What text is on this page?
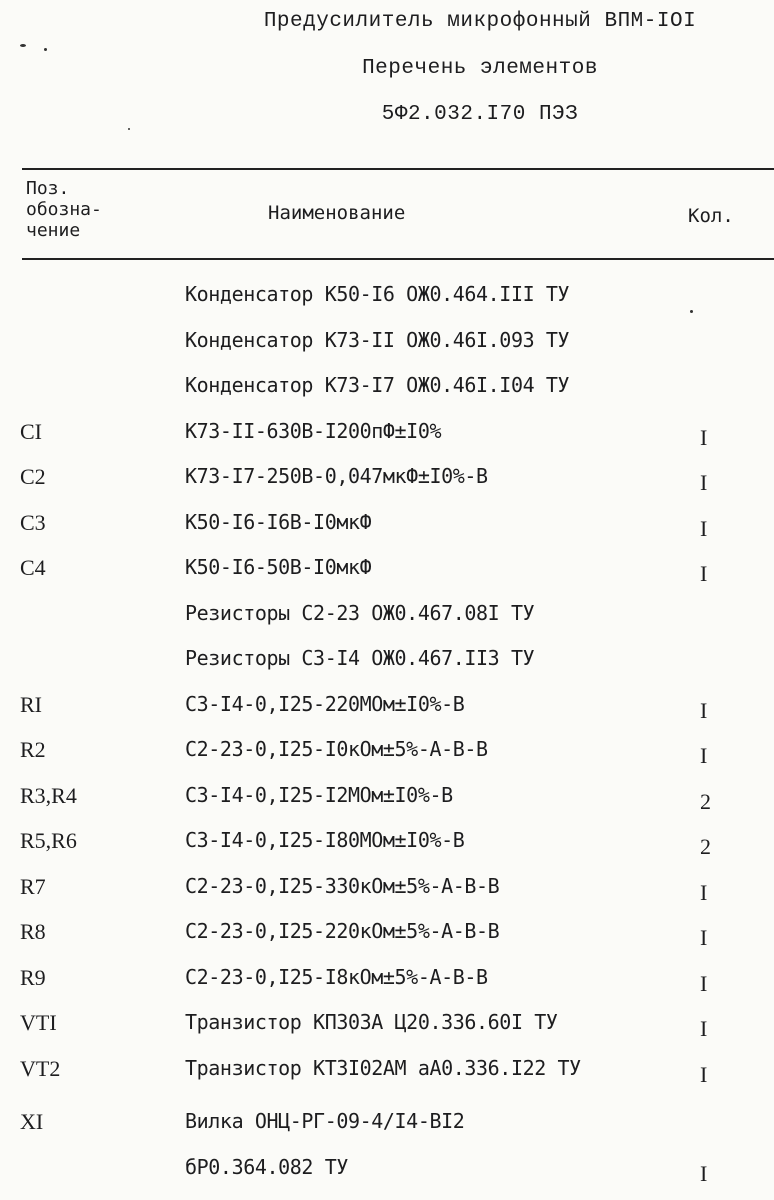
Предусилитель микрофонный ВПМ-IOI
Перечень элементов
5Ф2.032.I70 ПЭЗ
Поз.
обозна-
чение
Наименование	Кол.
Конденсатор К50-I6 ОЖ0.464.III ТУ
Конденсатор К73-II ОЖ0.46I.093 ТУ
Конденсатор К73-I7 ОЖ0.46I.I04 ТУ
CI	К73-II-630В-I200пФ±I0%	I
C2	К73-I7-250В-0,047мкФ±I0%-В	I
C3	К50-I6-I6В-I0мкФ	I
C4	К50-I6-50В-I0мкФ	I
Резисторы С2-23 ОЖ0.467.08I ТУ
Резисторы С3-I4 ОЖ0.467.II3 ТУ
RI	С3-I4-0,I25-220МОм±I0%-В	I
R2	С2-23-0,I25-I0кОм±5%-А-В-В	I
R3,R4	С3-I4-0,I25-I2МОм±I0%-В	2
R5,R6	С3-I4-0,I25-I80МОм±I0%-В	2
R7	С2-23-0,I25-330кОм±5%-А-В-В	I
R8	С2-23-0,I25-220кОм±5%-А-В-В	I
R9	С2-23-0,I25-I8кОм±5%-А-В-В	I
VTI	Транзистор КП303А Ц20.336.60I ТУ	I
VT2	Транзистор КТ3I02АМ аА0.336.I22 ТУ	I
XI	Вилка ОНЦ-РГ-09-4/I4-ВI2
бР0.364.082 ТУ	I
